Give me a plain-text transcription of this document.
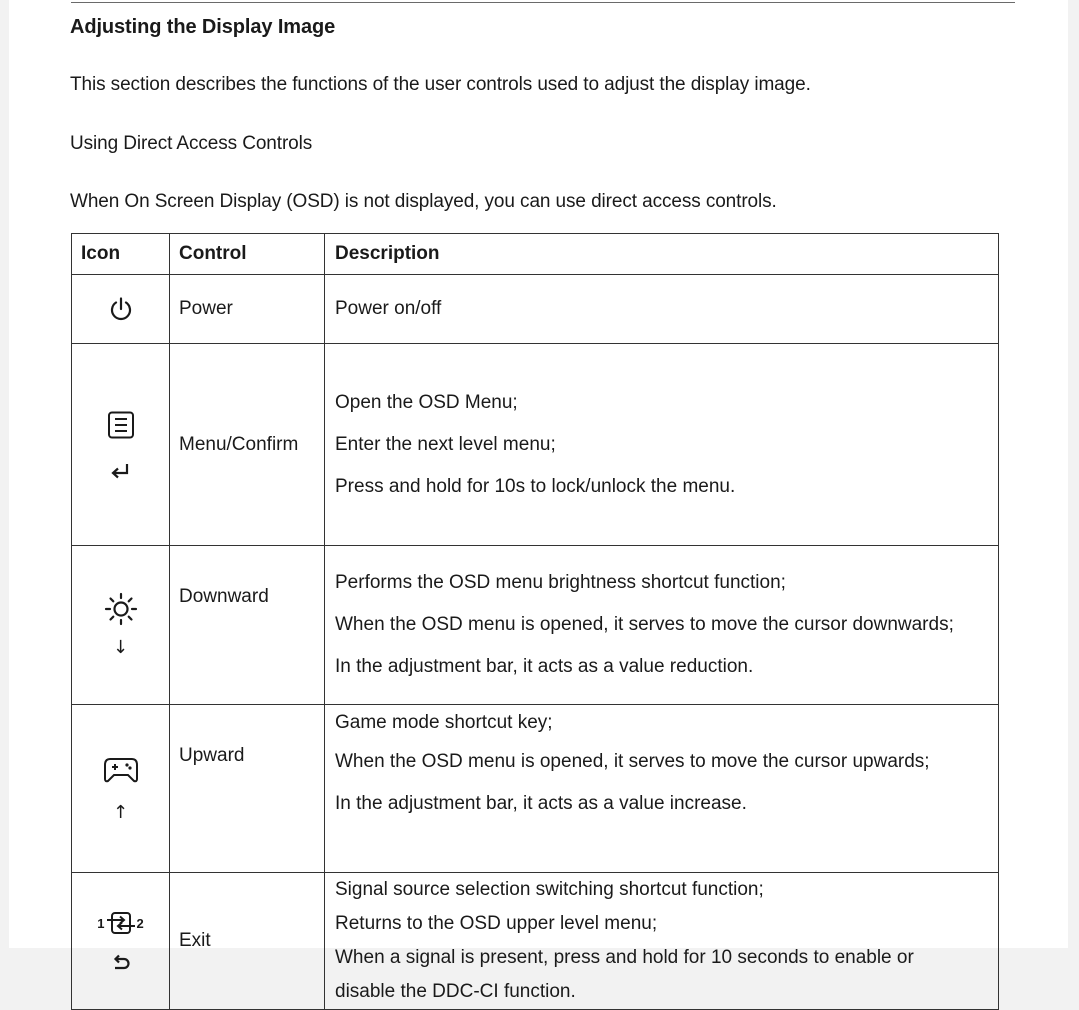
Adjusting the Display Image
This section describes the functions of the user controls used to adjust the display image.
Using Direct Access Controls
When On Screen Display (OSD) is not displayed, you can use direct access controls.
Icon	Control	Description

	Power	Power on/off

	Menu/Confirm	Open the OSD Menu;
Enter the next level menu;
Press and hold for 10s to lock/unlock the menu.

↓	Downward	Performs the OSD menu brightness shortcut function;
When the OSD menu is opened, it serves to move the cursor downwards;
In the adjustment bar, it acts as a value reduction.

↑	Upward	Game mode shortcut key;
When the OSD menu is opened, it serves to move the cursor upwards;
In the adjustment bar, it acts as a value increase.

1 2	Exit	Signal source selection switching shortcut function;
Returns to the OSD upper level menu;
When a signal is present, press and hold for 10 seconds to enable or
disable the DDC-CI function.
